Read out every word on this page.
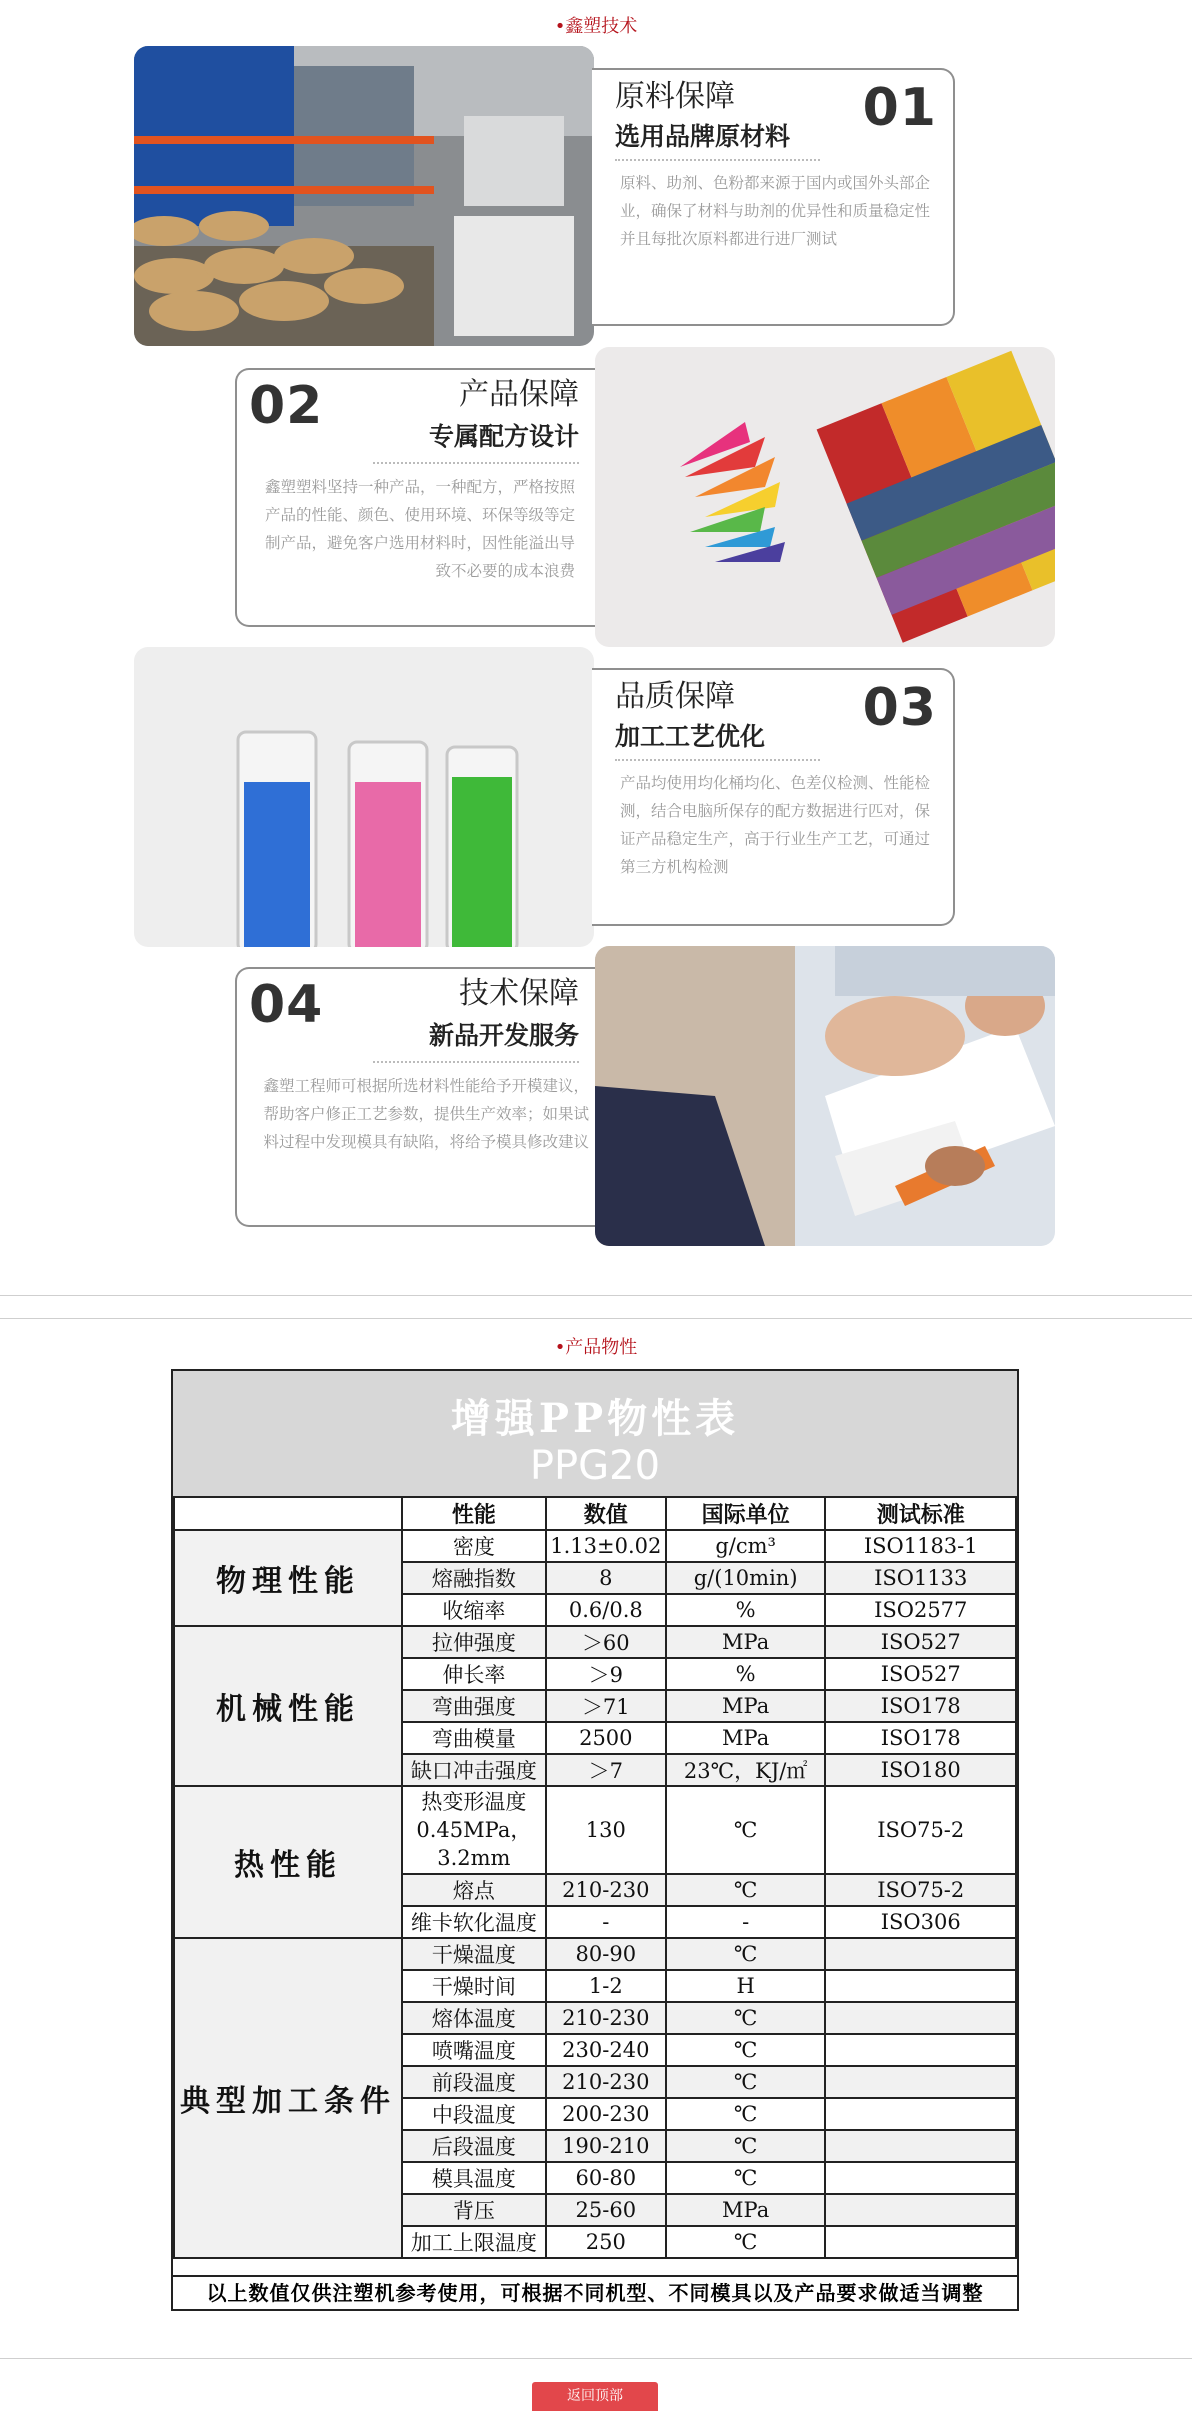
•鑫塑技术
原料保障
选用品牌原材料 01
原料、助剂、色粉都来源于国内或国外头部企业，确保了材料与助剂的优异性和质量稳定性并且每批次原料都进行进厂测试
02	产品保障
专属配方设计
鑫塑塑料坚持一种产品，一种配方，严格按照产品的性能、颜色、使用环境、环保等级等定制产品，避免客户选用材料时，因性能溢出导致不必要的成本浪费
品质保障
加工工艺优化 03
产品均使用均化桶均化、色差仪检测、性能检测，结合电脑所保存的配方数据进行匹对，保证产品稳定生产，高于行业生产工艺，可通过第三方机构检测
04	技术保障
新品开发服务
鑫塑工程师可根据所选材料性能给予开模建议，帮助客户修正工艺参数，提供生产效率；如果试料过程中发现模具有缺陷，将给予模具修改建议
•产品物性
增强PP物性表
PPG20
	性能	数值	国际单位	测试标准
物理性能	密度	1.13±0.02	g/cm³	ISO1183-1
	熔融指数	8	g/(10min)	ISO1133
	收缩率	0.6/0.8	%	ISO2577
机械性能	拉伸强度	＞60	MPa	ISO527
	伸长率	＞9	%	ISO527
	弯曲强度	＞71	MPa	ISO178
	弯曲模量	2500	MPa	ISO178
	缺口冲击强度	＞7	23℃，KJ/㎡	ISO180
热性能	热变形温度0.45MPa，3.2mm	130	℃	ISO75-2
	熔点	210-230	℃	ISO75-2
	维卡软化温度	-	-	ISO306
典型加工条件	干燥温度	80-90	℃	
	干燥时间	1-2	H	
	熔体温度	210-230	℃	
	喷嘴温度	230-240	℃	
	前段温度	210-230	℃	
	中段温度	200-230	℃	
	后段温度	190-210	℃	
	模具温度	60-80	℃	
	背压	25-60	MPa	
	加工上限温度	250	℃	
以上数值仅供注塑机参考使用，可根据不同机型、不同模具以及产品要求做适当调整
返回顶部
